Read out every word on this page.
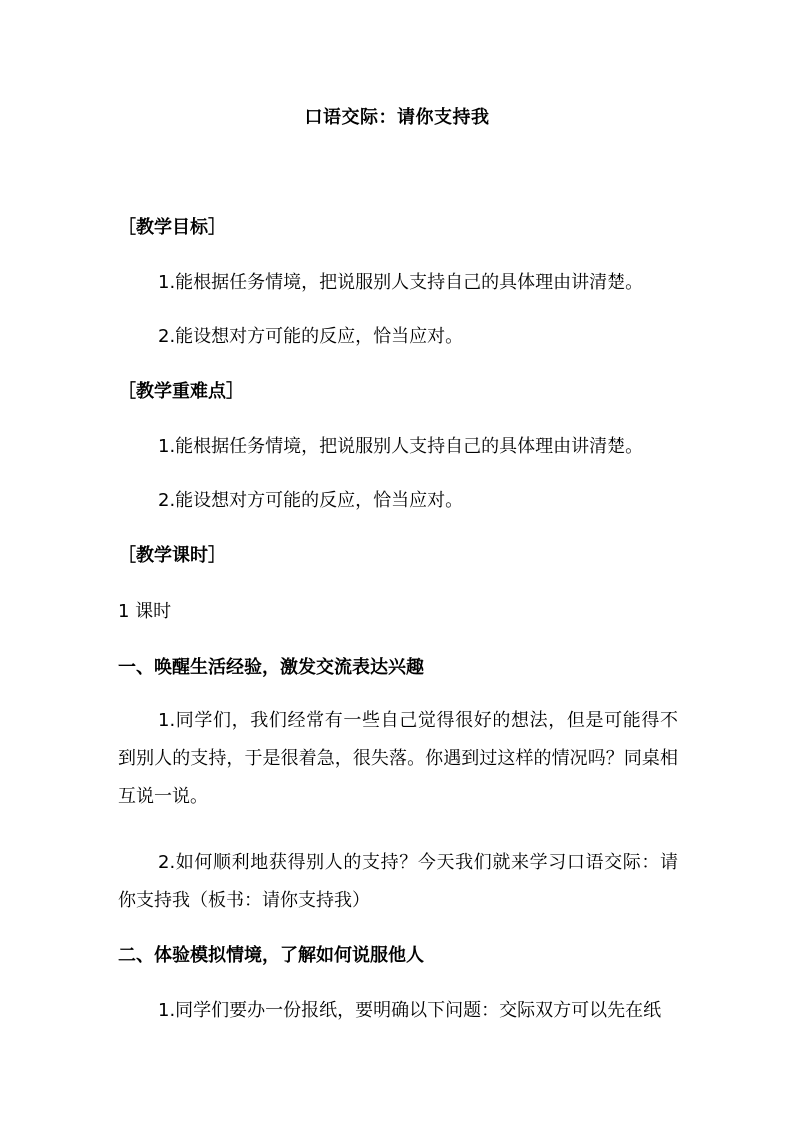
口语交际：请你支持我
［教学目标］

1.能根据任务情境，把说服别人支持自己的具体理由讲清楚。

2.能设想对方可能的反应，恰当应对。

［教学重难点］

1.能根据任务情境，把说服别人支持自己的具体理由讲清楚。

2.能设想对方可能的反应，恰当应对。

［教学课时］
1 课时
一、唤醒生活经验，激发交流表达兴趣

1.同学们，我们经常有一些自己觉得很好的想法，但是可能得不到别人的支持，于是很着急，很失落。你遇到过这样的情况吗？同桌相互说一说。

2.如何顺利地获得别人的支持？今天我们就来学习口语交际：请你支持我（板书：请你支持我）

二、体验模拟情境，了解如何说服他人

1.同学们要办一份报纸，要明确以下问题：交际双方可以先在纸
